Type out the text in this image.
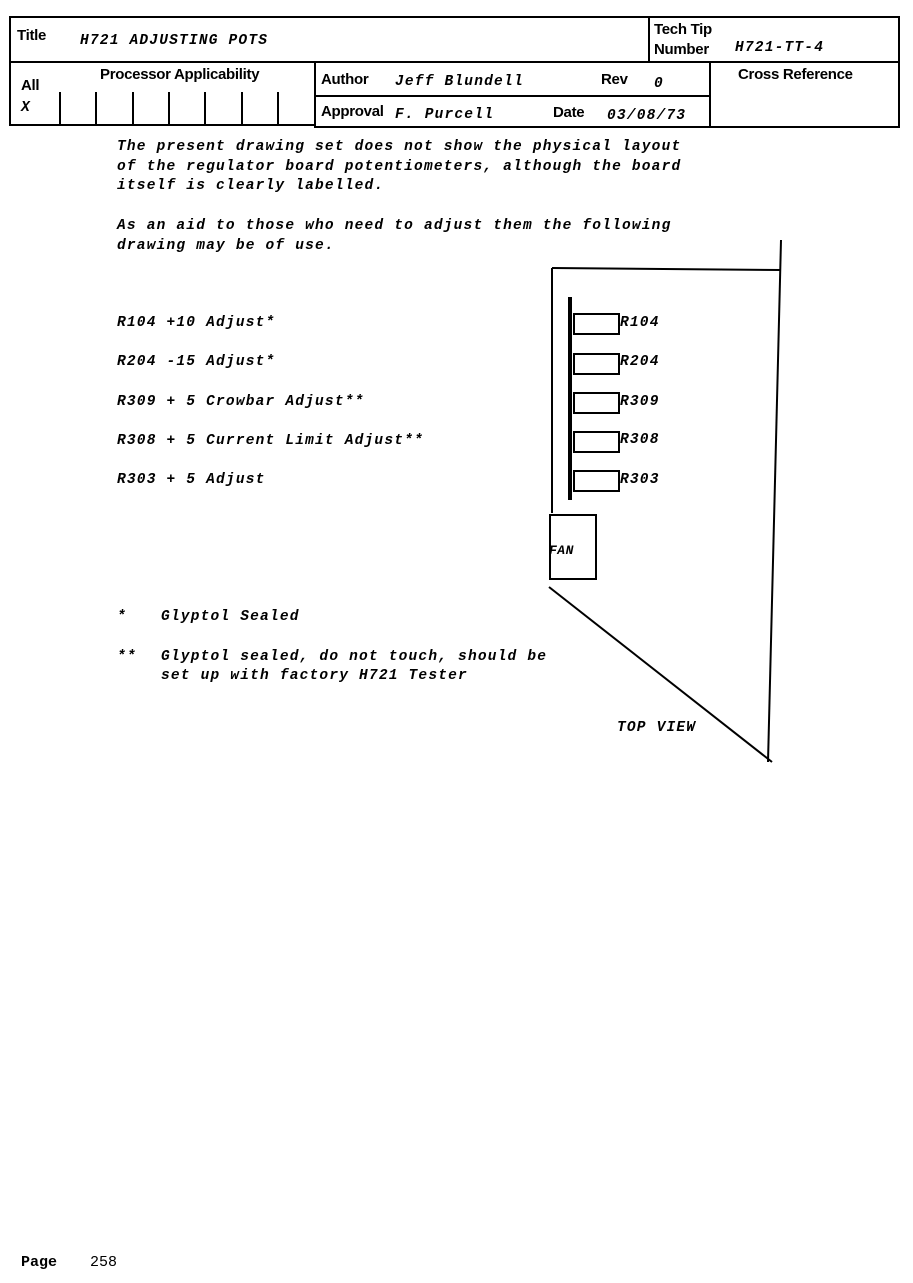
Title H721 ADJUSTING POTS
Tech Tip
Number H721-TT-4
Processor Applicability
All
X
Author Jeff Blundell	Rev 0
Cross Reference
Approval F. Purcell	Date 03/08/73
The present drawing set does not show the physical layout
of the regulator board potentiometers, although the board
itself is clearly labelled.
As an aid to those who need to adjust them the following
drawing may be of use.
R104 +10 Adjust*
R204 -15 Adjust*
R309 + 5 Crowbar Adjust**
R308 + 5 Current Limit Adjust**
R303 + 5 Adjust
* Glyptol Sealed
** Glyptol sealed, do not touch, should be
set up with factory H721 Tester
R104
R204
R309
R308
R303
FAN
TOP VIEW
Page 258
